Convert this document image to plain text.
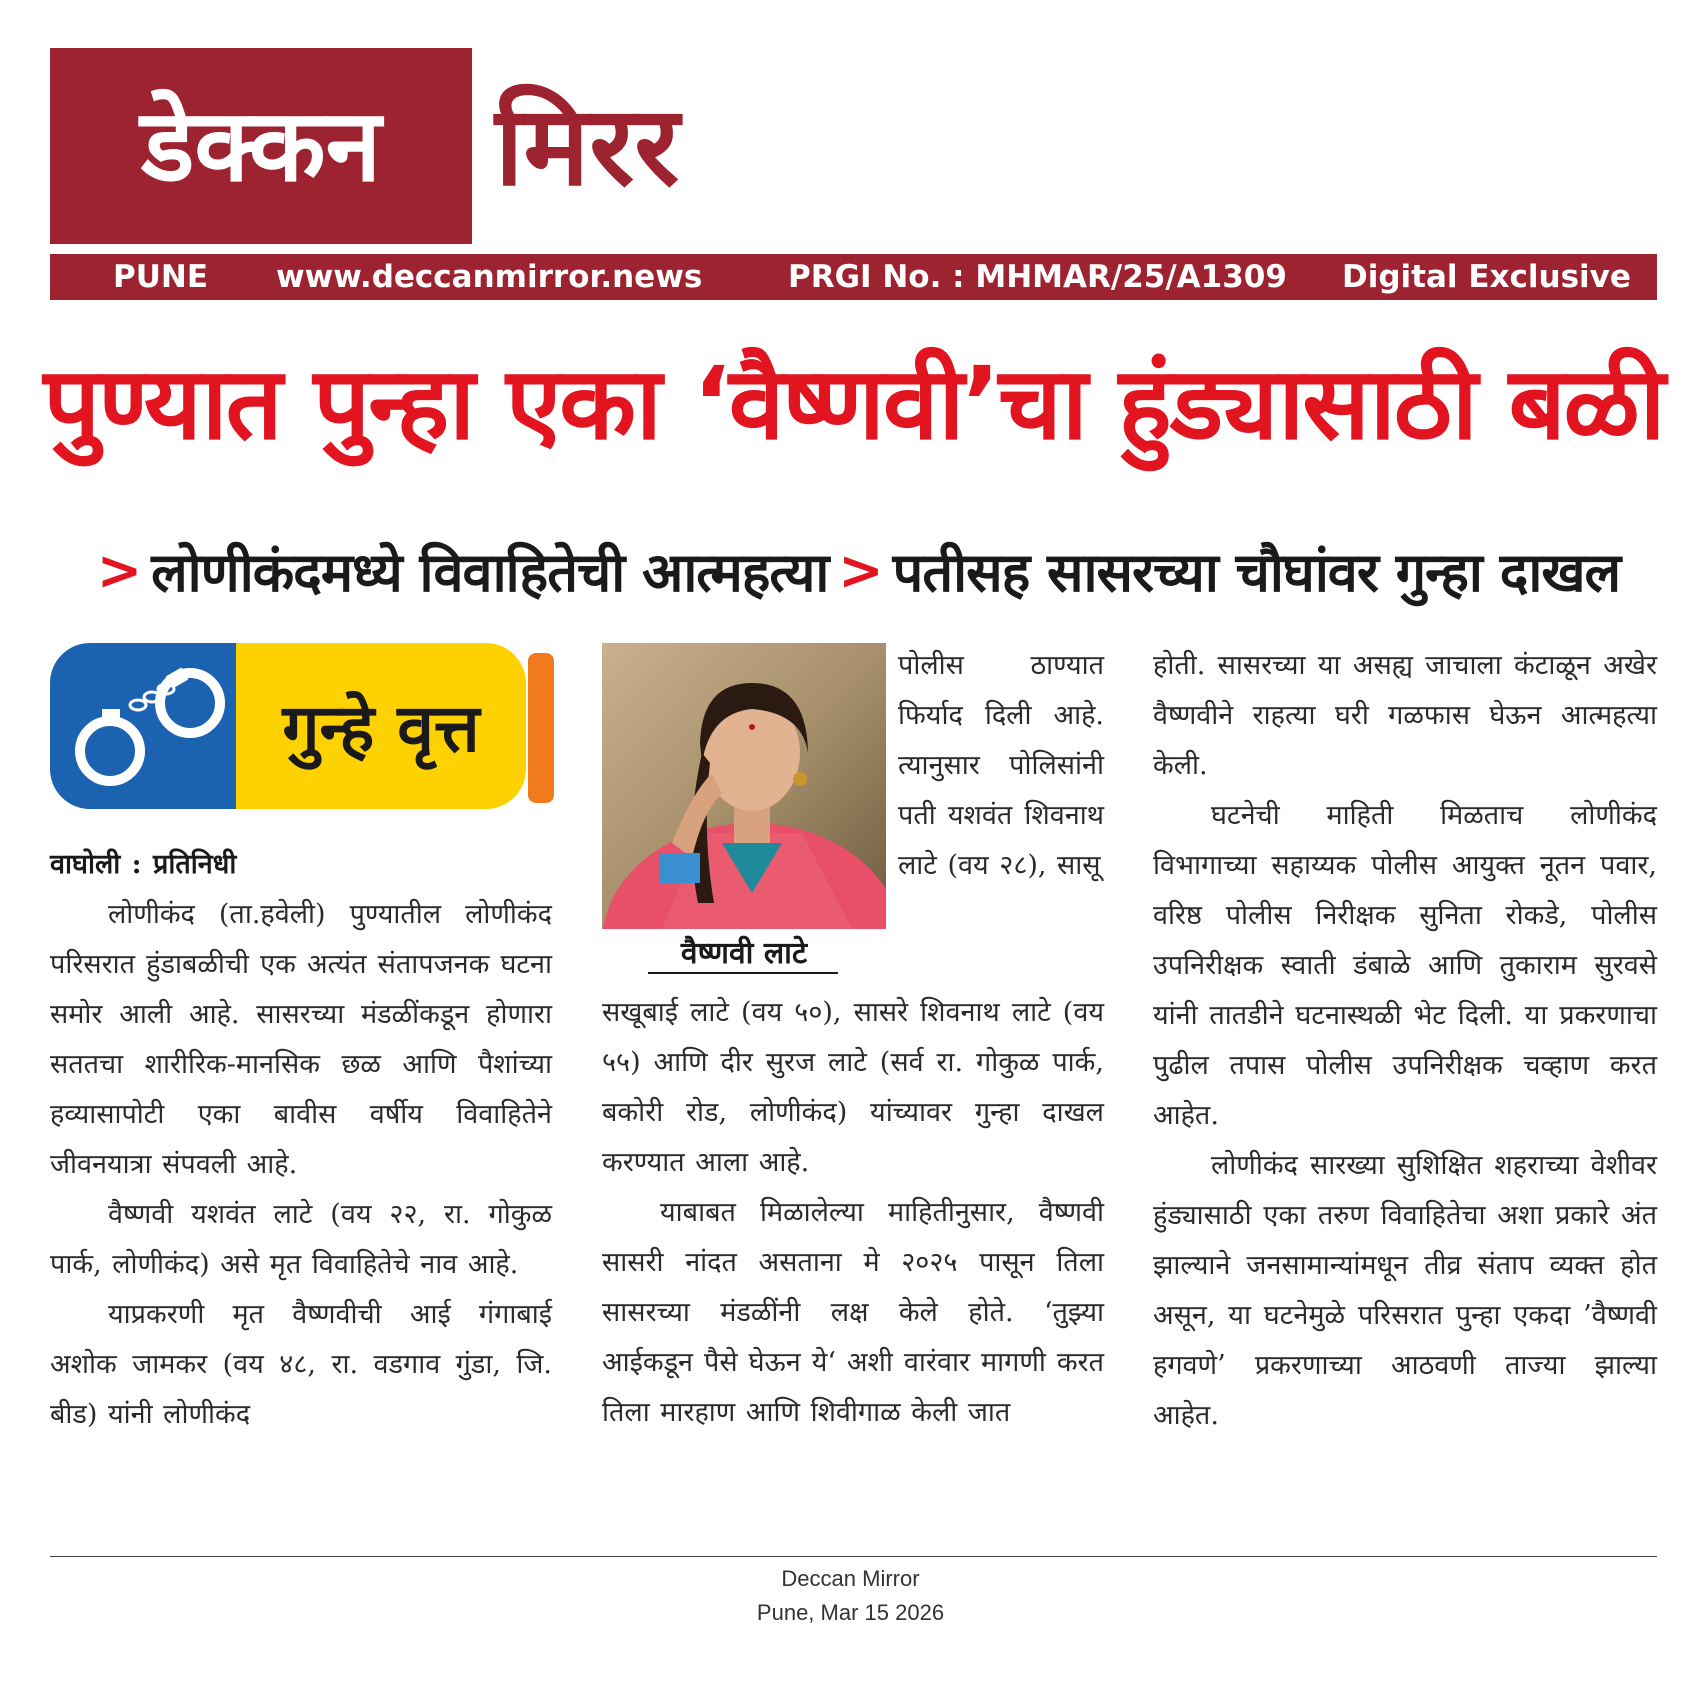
डेक्कन	मिरर
PUNE www.deccanmirror.news	PRGI No. : MHMAR/25/A1309 Digital Exclusive
पुण्यात पुन्हा एका ‘वैष्णवी’चा हुंड्यासाठी बळी
> लोणीकंदमध्ये विवाहितेची आत्महत्या > पतीसह सासरच्या चौघांवर गुन्हा दाखल
गुन्हे वृत्त
वैष्णवी लाटे

वाघोली : प्रतिनिधी

लोणीकंद (ता.हवेली) पुण्यातील लोणीकंद परिसरात हुंडाबळीची एक अत्यंत संतापजनक घटना समोर आली आहे. सासरच्या मंडळींकडून होणारा सततचा शारीरिक-मानसिक छळ आणि पैशांच्या हव्यासापोटी एका बावीस वर्षीय विवाहितेने जीवनयात्रा संपवली आहे.

वैष्णवी यशवंत लाटे (वय २२, रा. गोकुळ पार्क, लोणीकंद) असे मृत विवाहितेचे नाव आहे.

याप्रकरणी मृत वैष्णवीची आई गंगाबाई अशोक जामकर (वय ४८, रा. वडगाव गुंडा, जि. बीड) यांनी लोणीकंद

पोलीस ठाण्यात फिर्याद दिली आहे. त्यानुसार पोलिसांनी पती यशवंत शिवनाथ लाटे (वय २८), सासू

सखूबाई लाटे (वय ५०), सासरे शिवनाथ लाटे (वय ५५) आणि दीर सुरज लाटे (सर्व रा. गोकुळ पार्क, बकोरी रोड, लोणीकंद) यांच्यावर गुन्हा दाखल करण्यात आला आहे.

याबाबत मिळालेल्या माहितीनुसार, वैष्णवी सासरी नांदत असताना मे २०२५ पासून तिला सासरच्या मंडळींनी लक्ष केले होते. ‘तुझ्या आईकडून पैसे घेऊन ये‘ अशी वारंवार मागणी करत तिला मारहाण आणि शिवीगाळ केली जात

होती. सासरच्या या असह्य जाचाला कंटाळून अखेर वैष्णवीने राहत्या घरी गळफास घेऊन आत्महत्या केली.

घटनेची माहिती मिळताच लोणीकंद विभागाच्या सहाय्यक पोलीस आयुक्त नूतन पवार, वरिष्ठ पोलीस निरीक्षक सुनिता रोकडे, पोलीस उपनिरीक्षक स्वाती डंबाळे आणि तुकाराम सुरवसे यांनी तातडीने घटनास्थळी भेट दिली. या प्रकरणाचा पुढील तपास पोलीस उपनिरीक्षक चव्हाण करत आहेत.

लोणीकंद सारख्या सुशिक्षित शहराच्या वेशीवर हुंड्यासाठी एका तरुण विवाहितेचा अशा प्रकारे अंत झाल्याने जनसामान्यांमधून तीव्र संताप व्यक्त होत असून, या घटनेमुळे परिसरात पुन्हा एकदा ’वैष्णवी हगवणे’ प्रकरणाच्या आठवणी ताज्या झाल्या आहेत.

Deccan Mirror
Pune, Mar 15 2026
